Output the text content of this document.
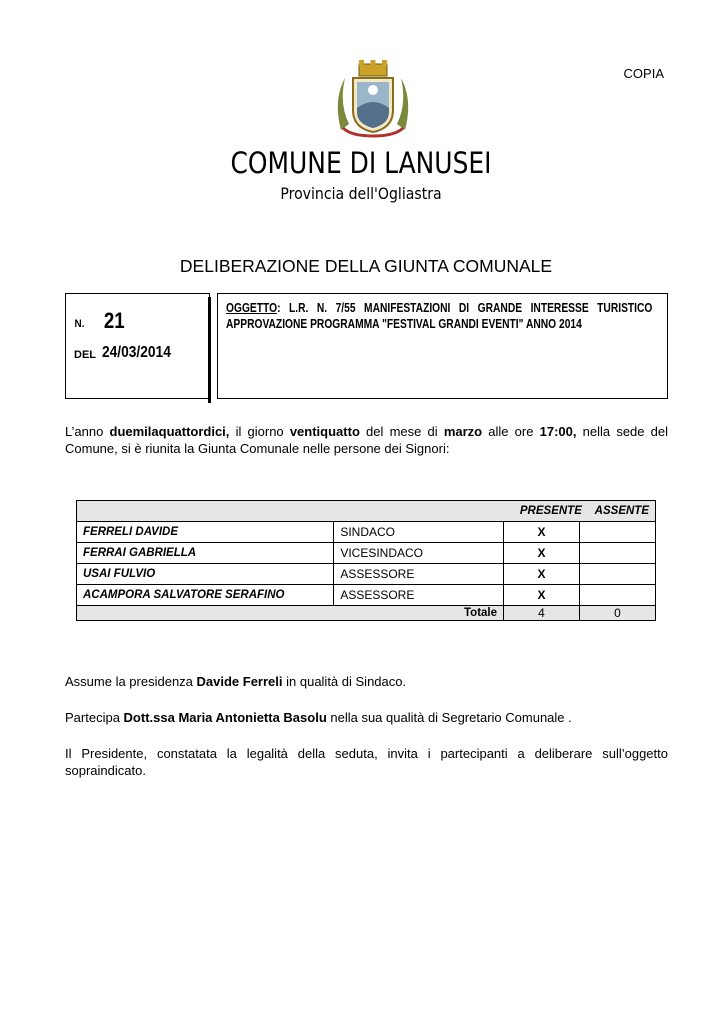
COPIA
COMUNE DI LANUSEI
Provincia dell'Ogliastra
DELIBERAZIONE DELLA GIUNTA COMUNALE
N. 21
DEL 24/03/2014
OGGETTO: L.R. N. 7/55 MANIFESTAZIONI DI GRANDE INTERESSE TURISTICO APPROVAZIONE PROGRAMMA "FESTIVAL GRANDI EVENTI" ANNO 2014
L’anno duemilaquattordici, il giorno ventiquatto del mese di marzo alle ore 17:00, nella sede del Comune, si è riunita la Giunta Comunale nelle persone dei Signori:
		PRESENTE ASSENTE	
FERRELI DAVIDE	SINDACO	X	
FERRAI GABRIELLA	VICESINDACO	X	
USAI FULVIO	ASSESSORE	X	
ACAMPORA SALVATORE SERAFINO	ASSESSORE	X	
Totale		4	0
Assume la presidenza Davide Ferreli in qualità di Sindaco.
Partecipa Dott.ssa Maria Antonietta Basolu nella sua qualità di Segretario Comunale .
Il Presidente, constatata la legalità della seduta, invita i partecipanti a deliberare sull’oggetto sopraindicato.
